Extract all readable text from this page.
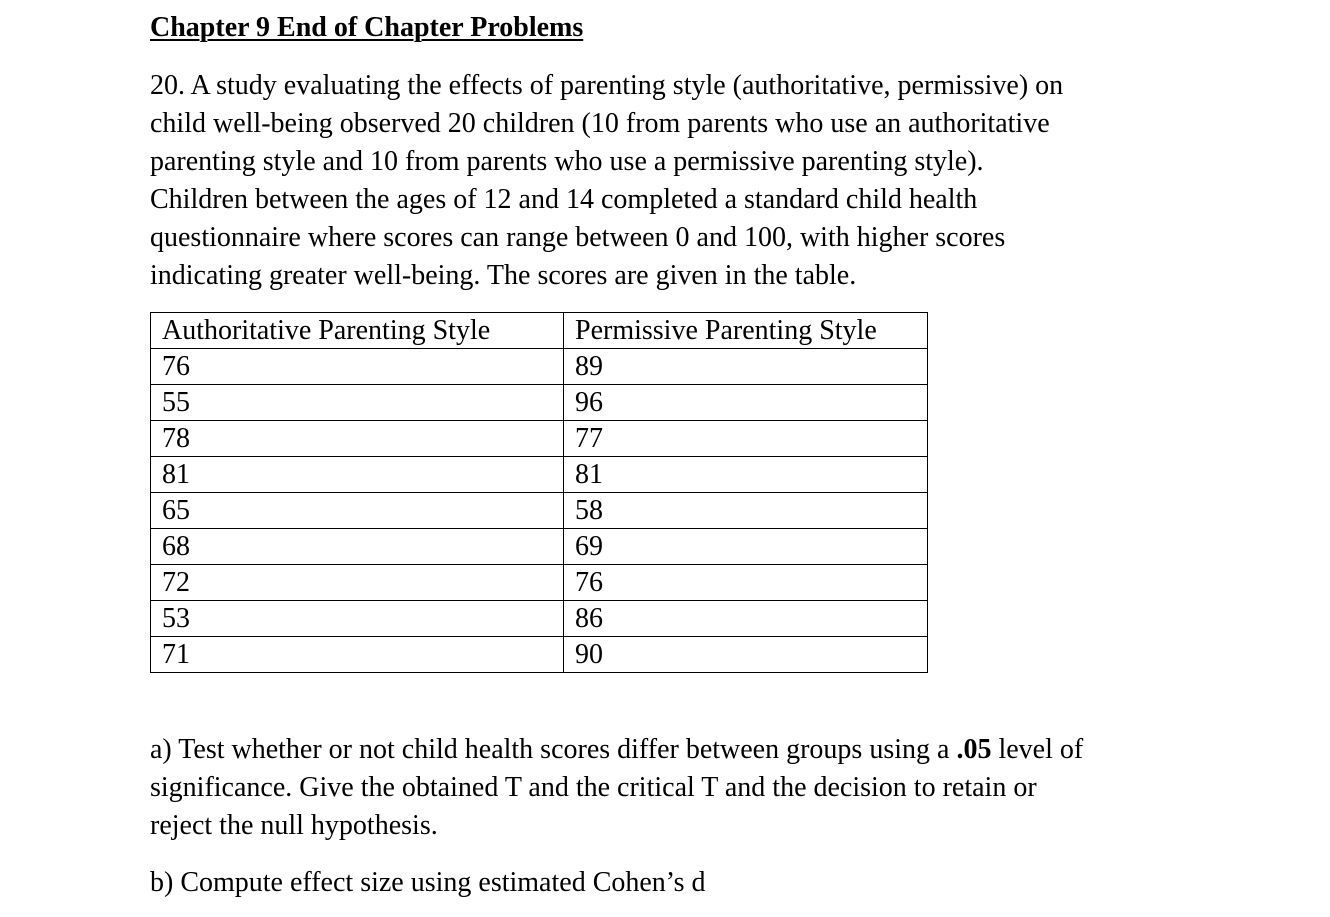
Chapter 9 End of Chapter Problems
20. A study evaluating the effects of parenting style (authoritative, permissive) on
child well-being observed 20 children (10 from parents who use an authoritative
parenting style and 10 from parents who use a permissive parenting style).
Children between the ages of 12 and 14 completed a standard child health
questionnaire where scores can range between 0 and 100, with higher scores
indicating greater well-being. The scores are given in the table.
Authoritative Parenting Style	Permissive Parenting Style
76	89
55	96
78	77
81	81
65	58
68	69
72	76
53	86
71	90
a) Test whether or not child health scores differ between groups using a .05 level of
significance. Give the obtained T and the critical T and the decision to retain or
reject the null hypothesis.
b) Compute effect size using estimated Cohen’s d
